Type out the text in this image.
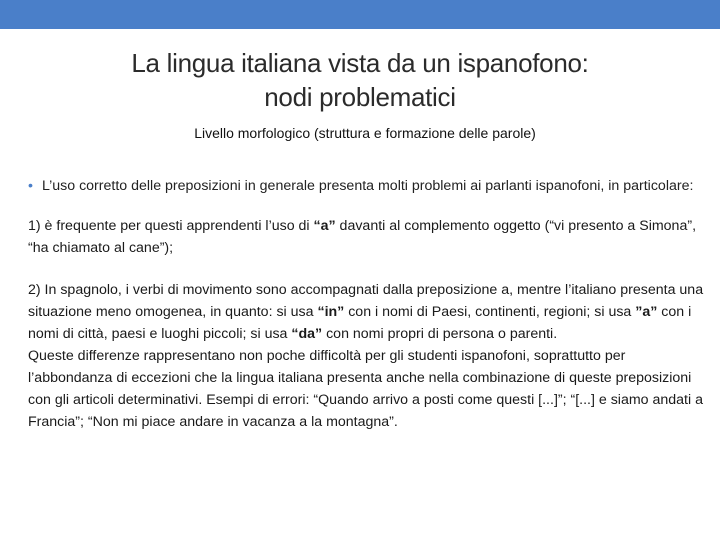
La lingua italiana vista da un ispanofono:
nodi problematici
Livello morfologico (struttura e formazione delle parole)
• L’uso corretto delle preposizioni in generale presenta molti problemi ai parlanti ispanofoni, in particolare:

1) è frequente per questi apprendenti l’uso di “a” davanti al complemento oggetto (“vi presento a Simona”, “ha chiamato al cane”);

2) In spagnolo, i verbi di movimento sono accompagnati dalla preposizione a, mentre l’italiano presenta una situazione meno omogenea, in quanto: si usa “in” con i nomi di Paesi, continenti, regioni; si usa ”a” con i nomi di città, paesi e luoghi piccoli; si usa “da” con nomi propri di persona o parenti.

Queste differenze rappresentano non poche difficoltà per gli studenti ispanofoni, soprattutto per l’abbondanza di eccezioni che la lingua italiana presenta anche nella combinazione di queste preposizioni con gli articoli determinativi. Esempi di errori: “Quando arrivo a posti come questi [...]”; “[...] e siamo andati a Francia”; “Non mi piace andare in vacanza a la montagna”.
